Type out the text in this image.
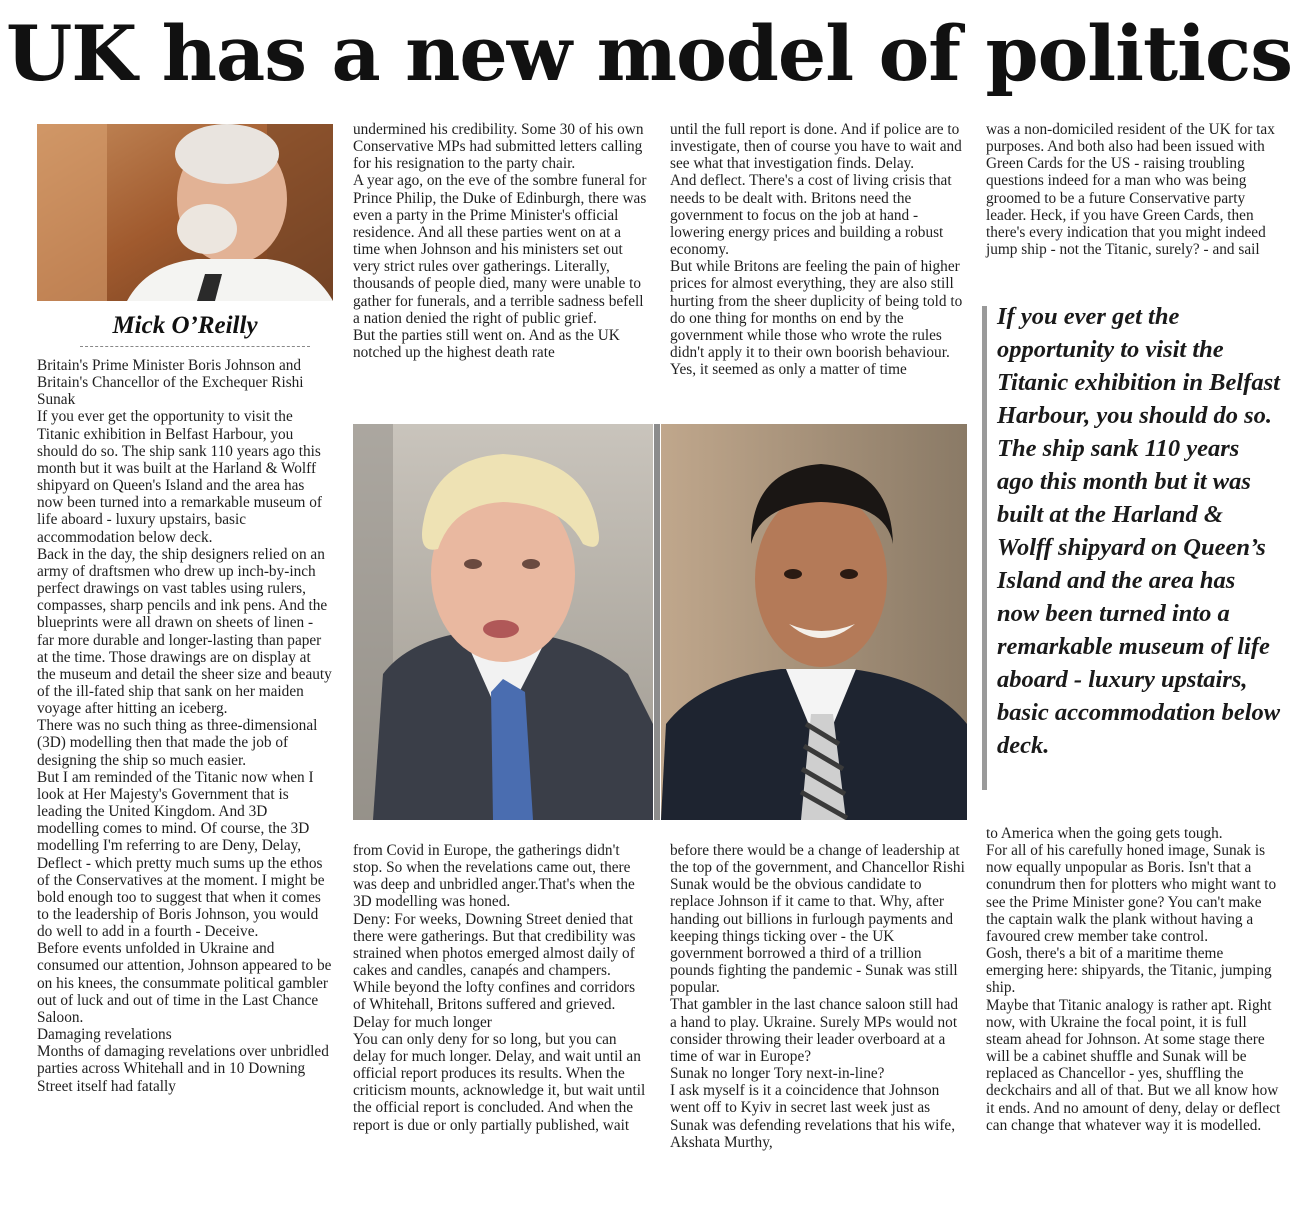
UK has a new model of politics
Mick O’Reilly

Britain's Prime Minister Boris Johnson and Britain's Chancellor of the Exchequer Rishi Sunak

If you ever get the opportunity to visit the Titanic exhibition in Belfast Harbour, you should do so. The ship sank 110 years ago this month but it was built at the Harland & Wolff shipyard on Queen's Island and the area has now been turned into a remarkable museum of life aboard - luxury upstairs, basic accommodation below deck.

Back in the day, the ship designers relied on an army of draftsmen who drew up inch-by-inch perfect drawings on vast tables using rulers, compasses, sharp pencils and ink pens. And the blueprints were all drawn on sheets of linen - far more durable and longer-lasting than paper at the time. Those drawings are on display at the museum and detail the sheer size and beauty of the ill-fated ship that sank on her maiden voyage after hitting an iceberg.

There was no such thing as three-dimensional (3D) modelling then that made the job of designing the ship so much easier.

But I am reminded of the Titanic now when I look at Her Majesty's Government that is leading the United Kingdom. And 3D modelling comes to mind. Of course, the 3D modelling I'm referring to are Deny, Delay, Deflect - which pretty much sums up the ethos of the Conservatives at the moment. I might be bold enough too to suggest that when it comes to the leadership of Boris Johnson, you would do well to add in a fourth - Deceive.

Before events unfolded in Ukraine and consumed our attention, Johnson appeared to be on his knees, the consummate political gambler out of luck and out of time in the Last Chance Saloon.

Damaging revelations

Months of damaging revelations over unbridled parties across Whitehall and in 10 Downing Street itself had fatally

undermined his credibility. Some 30 of his own Conservative MPs had submitted letters calling for his resignation to the party chair.

A year ago, on the eve of the sombre funeral for Prince Philip, the Duke of Edinburgh, there was even a party in the Prime Minister's official residence. And all these parties went on at a time when Johnson and his ministers set out very strict rules over gatherings. Literally, thousands of people died, many were unable to gather for funerals, and a terrible sadness befell a nation denied the right of public grief.

But the parties still went on. And as the UK notched up the highest death rate

until the full report is done. And if police are to investigate, then of course you have to wait and see what that investigation finds. Delay.

And deflect. There's a cost of living crisis that needs to be dealt with. Britons need the government to focus on the job at hand - lowering energy prices and building a robust economy.

But while Britons are feeling the pain of higher prices for almost everything, they are also still hurting from the sheer duplicity of being told to do one thing for months on end by the government while those who wrote the rules didn't apply it to their own boorish behaviour.

Yes, it seemed as only a matter of time

was a non-domiciled resident of the UK for tax purposes. And both also had been issued with Green Cards for the US - raising troubling questions indeed for a man who was being groomed to be a future Conservative party leader. Heck, if you have Green Cards, then there's every indication that you might indeed jump ship - not the Titanic, surely? - and sail

If you ever get the opportunity to visit the Titanic exhibition in Belfast Harbour, you should do so. The ship sank 110 years ago this month but it was built at the Harland & Wolff shipyard on Queen’s Island and the area has now been turned into a remarkable museum of life aboard - luxury upstairs, basic accommodation below deck.

from Covid in Europe, the gatherings didn't stop. So when the revelations came out, there was deep and unbridled anger.That's when the 3D modelling was honed.

Deny: For weeks, Downing Street denied that there were gatherings. But that credibility was strained when photos emerged almost daily of cakes and candles, canapés and champers. While beyond the lofty confines and corridors of Whitehall, Britons suffered and grieved.

Delay for much longer

You can only deny for so long, but you can delay for much longer. Delay, and wait until an official report produces its results. When the criticism mounts, acknowledge it, but wait until the official report is concluded. And when the report is due or only partially published, wait

before there would be a change of leadership at the top of the government, and Chancellor Rishi Sunak would be the obvious candidate to replace Johnson if it came to that. Why, after handing out billions in furlough payments and keeping things ticking over - the UK government borrowed a third of a trillion pounds fighting the pandemic - Sunak was still popular.

That gambler in the last chance saloon still had a hand to play. Ukraine. Surely MPs would not consider throwing their leader overboard at a time of war in Europe?

Sunak no longer Tory next-in-line?

I ask myself is it a coincidence that Johnson went off to Kyiv in secret last week just as Sunak was defending revelations that his wife, Akshata Murthy,

to America when the going gets tough.

For all of his carefully honed image, Sunak is now equally unpopular as Boris. Isn't that a conundrum then for plotters who might want to see the Prime Minister gone? You can't make the captain walk the plank without having a favoured crew member take control.

Gosh, there's a bit of a maritime theme emerging here: shipyards, the Titanic, jumping ship.

Maybe that Titanic analogy is rather apt. Right now, with Ukraine the focal point, it is full steam ahead for Johnson. At some stage there will be a cabinet shuffle and Sunak will be replaced as Chancellor - yes, shuffling the deckchairs and all of that. But we all know how it ends. And no amount of deny, delay or deflect can change that whatever way it is modelled.
